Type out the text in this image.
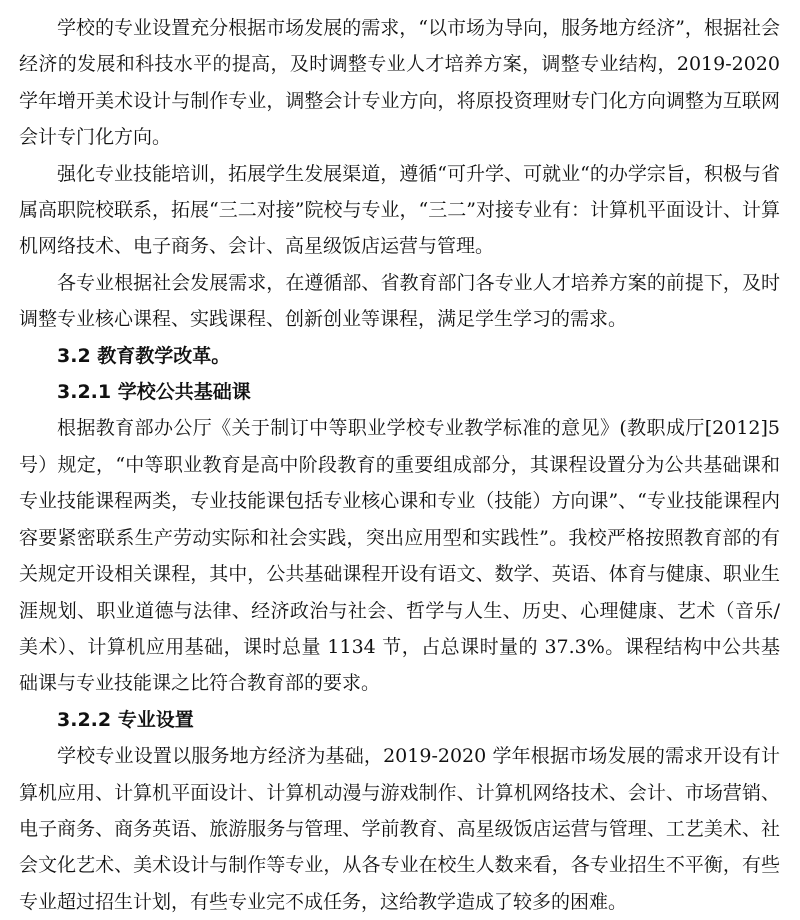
学校的专业设置充分根据市场发展的需求，“以市场为导向，服务地方经济”，根据社会经济的发展和科技水平的提高，及时调整专业人才培养方案，调整专业结构，2019-2020 学年增开美术设计与制作专业，调整会计专业方向，将原投资理财专门化方向调整为互联网会计专门化方向。

强化专业技能培训，拓展学生发展渠道，遵循“可升学、可就业“的办学宗旨，积极与省属高职院校联系，拓展“三二对接”院校与专业，“三二”对接专业有：计算机平面设计、计算机网络技术、电子商务、会计、高星级饭店运营与管理。

各专业根据社会发展需求，在遵循部、省教育部门各专业人才培养方案的前提下，及时调整专业核心课程、实践课程、创新创业等课程，满足学生学习的需求。

3.2 教育教学改革。

3.2.1 学校公共基础课

根据教育部办公厅《关于制订中等职业学校专业教学标准的意见》(教职成厅[2012]5号）规定，“中等职业教育是高中阶段教育的重要组成部分，其课程设置分为公共基础课和专业技能课程两类，专业技能课包括专业核心课和专业（技能）方向课”、“专业技能课程内容要紧密联系生产劳动实际和社会实践，突出应用型和实践性”。我校严格按照教育部的有关规定开设相关课程，其中，公共基础课程开设有语文、数学、英语、体育与健康、职业生涯规划、职业道德与法律、经济政治与社会、哲学与人生、历史、心理健康、艺术（音乐/美术）、计算机应用基础，课时总量 1134 节，占总课时量的 37.3%。课程结构中公共基础课与专业技能课之比符合教育部的要求。

3.2.2 专业设置

学校专业设置以服务地方经济为基础，2019-2020 学年根据市场发展的需求开设有计算机应用、计算机平面设计、计算机动漫与游戏制作、计算机网络技术、会计、市场营销、电子商务、商务英语、旅游服务与管理、学前教育、高星级饭店运营与管理、工艺美术、社会文化艺术、美术设计与制作等专业，从各专业在校生人数来看，各专业招生不平衡，有些专业超过招生计划，有些专业完不成任务，这给教学造成了较多的困难。
